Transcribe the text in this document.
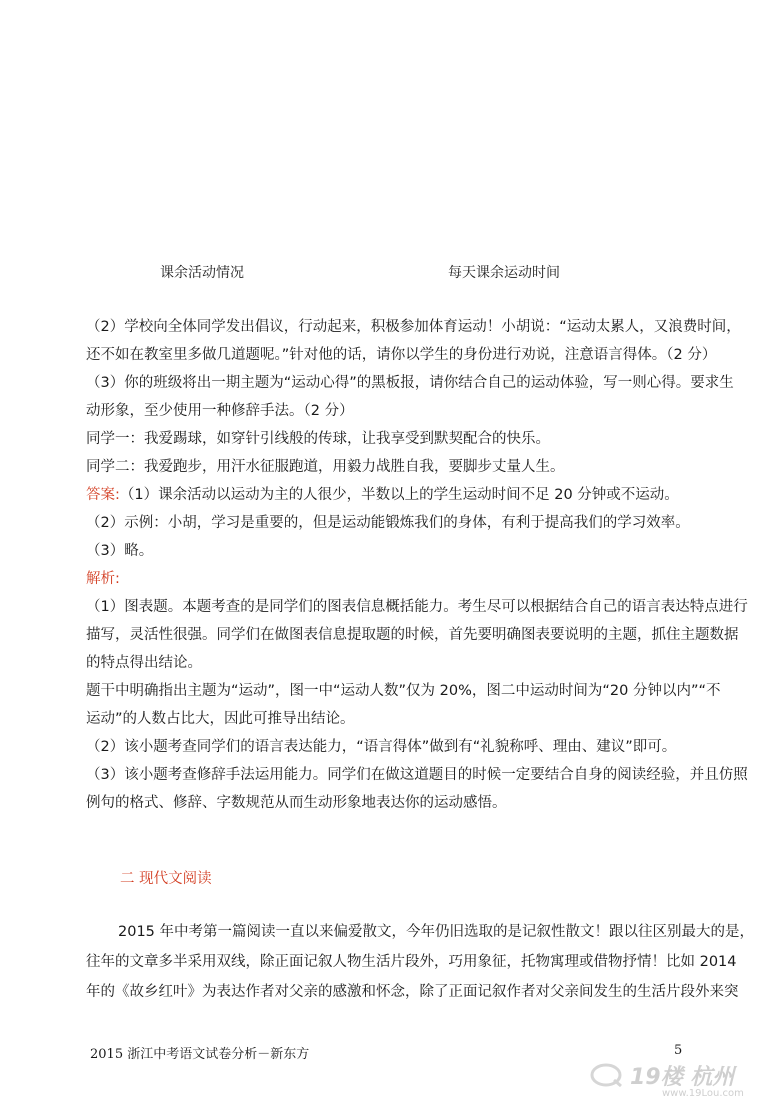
课余活动情况	每天课余运动时间

（2）学校向全体同学发出倡议，行动起来，积极参加体育运动！小胡说：“运动太累人，又浪费时间，

还不如在教室里多做几道题呢。”针对他的话，请你以学生的身份进行劝说，注意语言得体。（2 分）

（3）你的班级将出一期主题为“运动心得”的黑板报，请你结合自己的运动体验，写一则心得。要求生

动形象，至少使用一种修辞手法。（2 分）

同学一：我爱踢球，如穿针引线般的传球，让我享受到默契配合的快乐。

同学二：我爱跑步，用汗水征服跑道，用毅力战胜自我，要脚步丈量人生。

答案:（1）课余活动以运动为主的人很少，半数以上的学生运动时间不足 20 分钟或不运动。

（2）示例：小胡，学习是重要的，但是运动能锻炼我们的身体，有利于提高我们的学习效率。

（3）略。

解析:

（1）图表题。本题考查的是同学们的图表信息概括能力。考生尽可以根据结合自己的语言表达特点进行

描写，灵活性很强。同学们在做图表信息提取题的时候，首先要明确图表要说明的主题，抓住主题数据

的特点得出结论。

题干中明确指出主题为“运动”，图一中“运动人数”仅为 20%，图二中运动时间为“20 分钟以内”“不

运动”的人数占比大，因此可推导出结论。

（2）该小题考查同学们的语言表达能力，“语言得体”做到有“礼貌称呼、理由、建议”即可。

（3）该小题考查修辞手法运用能力。同学们在做这道题目的时候一定要结合自身的阅读经验，并且仿照

例句的格式、修辞、字数规范从而生动形象地表达你的运动感悟。

二 现代文阅读

2015 年中考第一篇阅读一直以来偏爱散文，今年仍旧选取的是记叙性散文！跟以往区别最大的是，

往年的文章多半采用双线，除正面记叙人物生活片段外，巧用象征，托物寓理或借物抒情！比如 2014

年的《故乡红叶》为表达作者对父亲的感激和怀念，除了正面记叙作者对父亲间发生的生活片段外来突

2015 浙江中考语文试卷分析－新东方	5
19楼 杭州
www.19Lou.com
